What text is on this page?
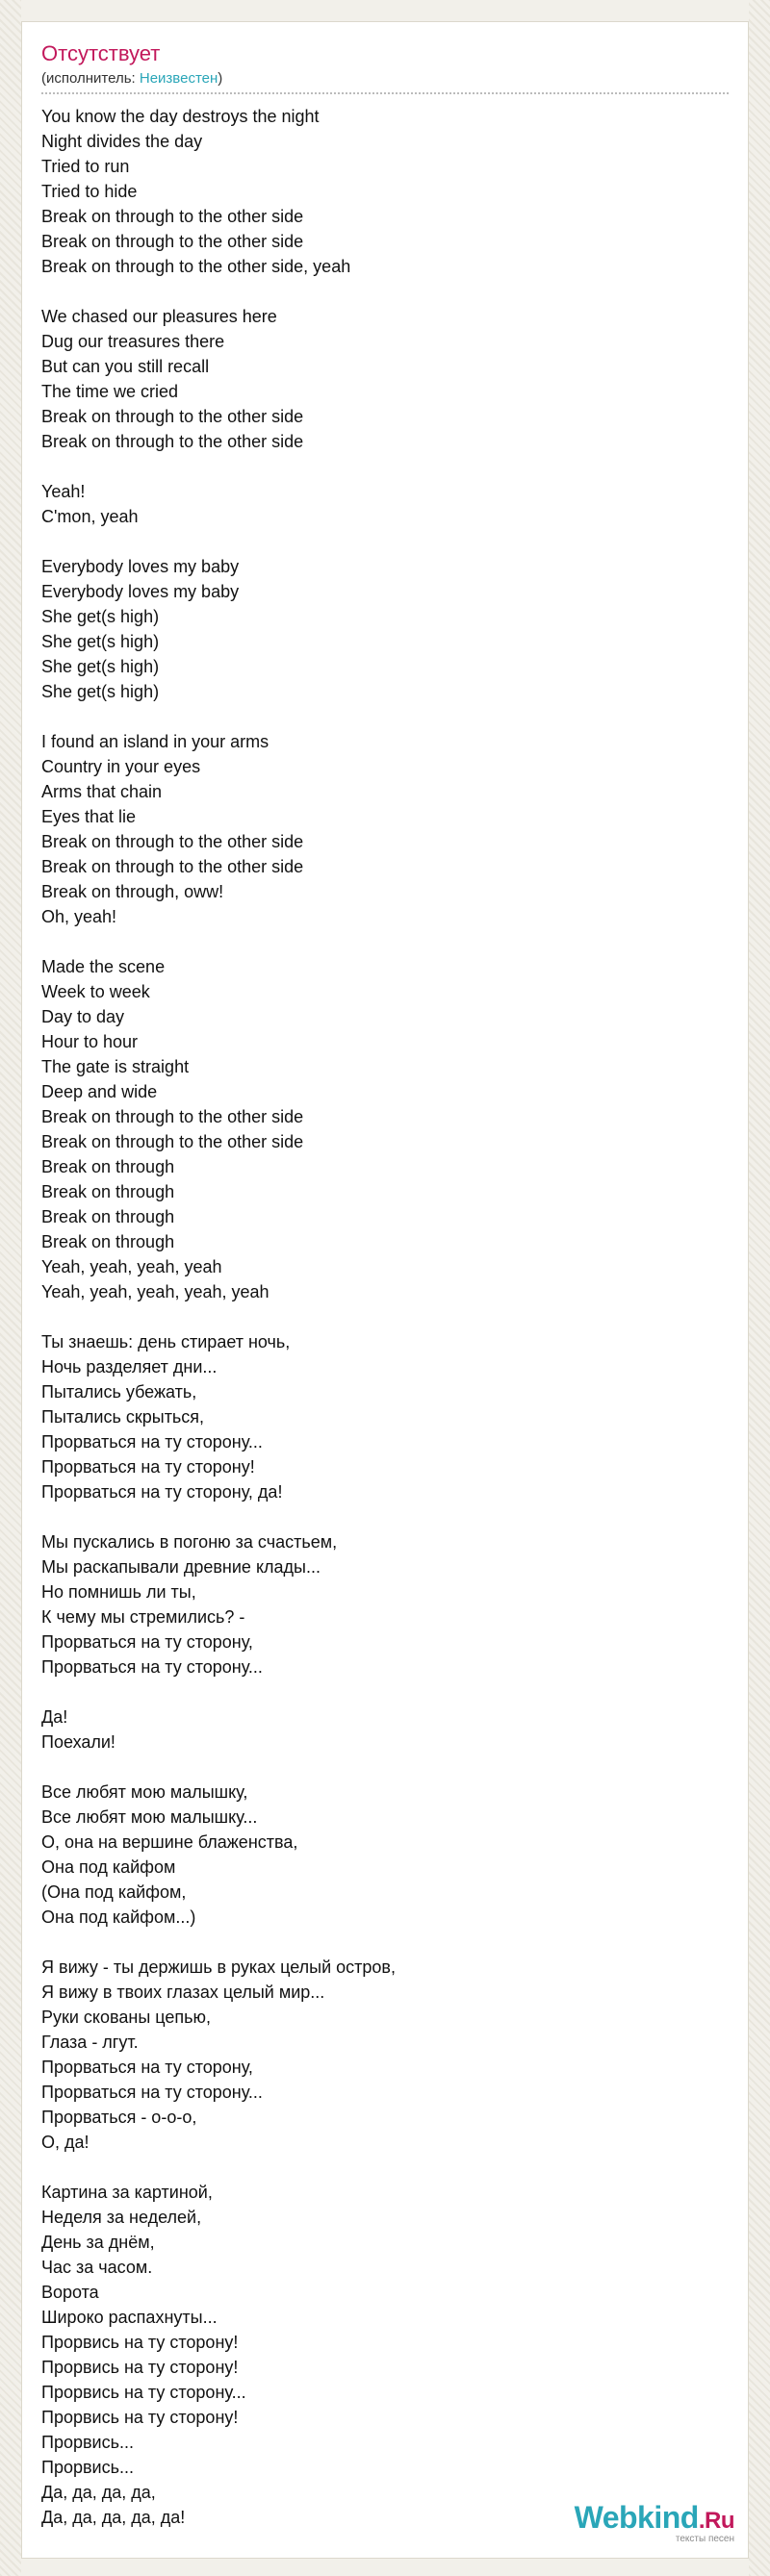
Отсутствует
(исполнитель: Неизвестен)
You know the day destroys the night
Night divides the day
Tried to run
Tried to hide
Break on through to the other side
Break on through to the other side
Break on through to the other side, yeah

We chased our pleasures here
Dug our treasures there
But can you still recall
The time we cried
Break on through to the other side
Break on through to the other side

Yeah!
C'mon, yeah

Everybody loves my baby
Everybody loves my baby
She get(s high)
She get(s high)
She get(s high)
She get(s high)

I found an island in your arms
Country in your eyes
Arms that chain
Eyes that lie
Break on through to the other side
Break on through to the other side
Break on through, oww!
Oh, yeah!

Made the scene
Week to week
Day to day
Hour to hour
The gate is straight
Deep and wide
Break on through to the other side
Break on through to the other side
Break on through
Break on through
Break on through
Break on through
Yeah, yeah, yeah, yeah
Yeah, yeah, yeah, yeah, yeah

Ты знаешь: день стирает ночь,
Ночь разделяет дни...
Пытались убежать,
Пытались скрыться,
Прорваться на ту сторону...
Прорваться на ту сторону!
Прорваться на ту сторону, да!

Мы пускались в погоню за счастьем,
Мы раскапывали древние клады...
Но помнишь ли ты,
К чему мы стремились? -
Прорваться на ту сторону,
Прорваться на ту сторону...

Да!
Поехали!

Все любят мою малышку,
Все любят мою малышку...
О, она на вершине блаженства,
Она под кайфом
(Она под кайфом,
Она под кайфом...)

Я вижу - ты держишь в руках целый остров,
Я вижу в твоих глазах целый мир...
Руки скованы цепью,
Глаза - лгут.
Прорваться на ту сторону,
Прорваться на ту сторону...
Прорваться - о-о-о,
О, да!

Картина за картиной,
Неделя за неделей,
День за днём,
Час за часом.
Ворота
Широко распахнуты...
Прорвись на ту сторону!
Прорвись на ту сторону!
Прорвись на ту сторону...
Прорвись на ту сторону!
Прорвись...
Прорвись...
Да, да, да, да,
Да, да, да, да, да!	Webkind.Ru
тексты песен
